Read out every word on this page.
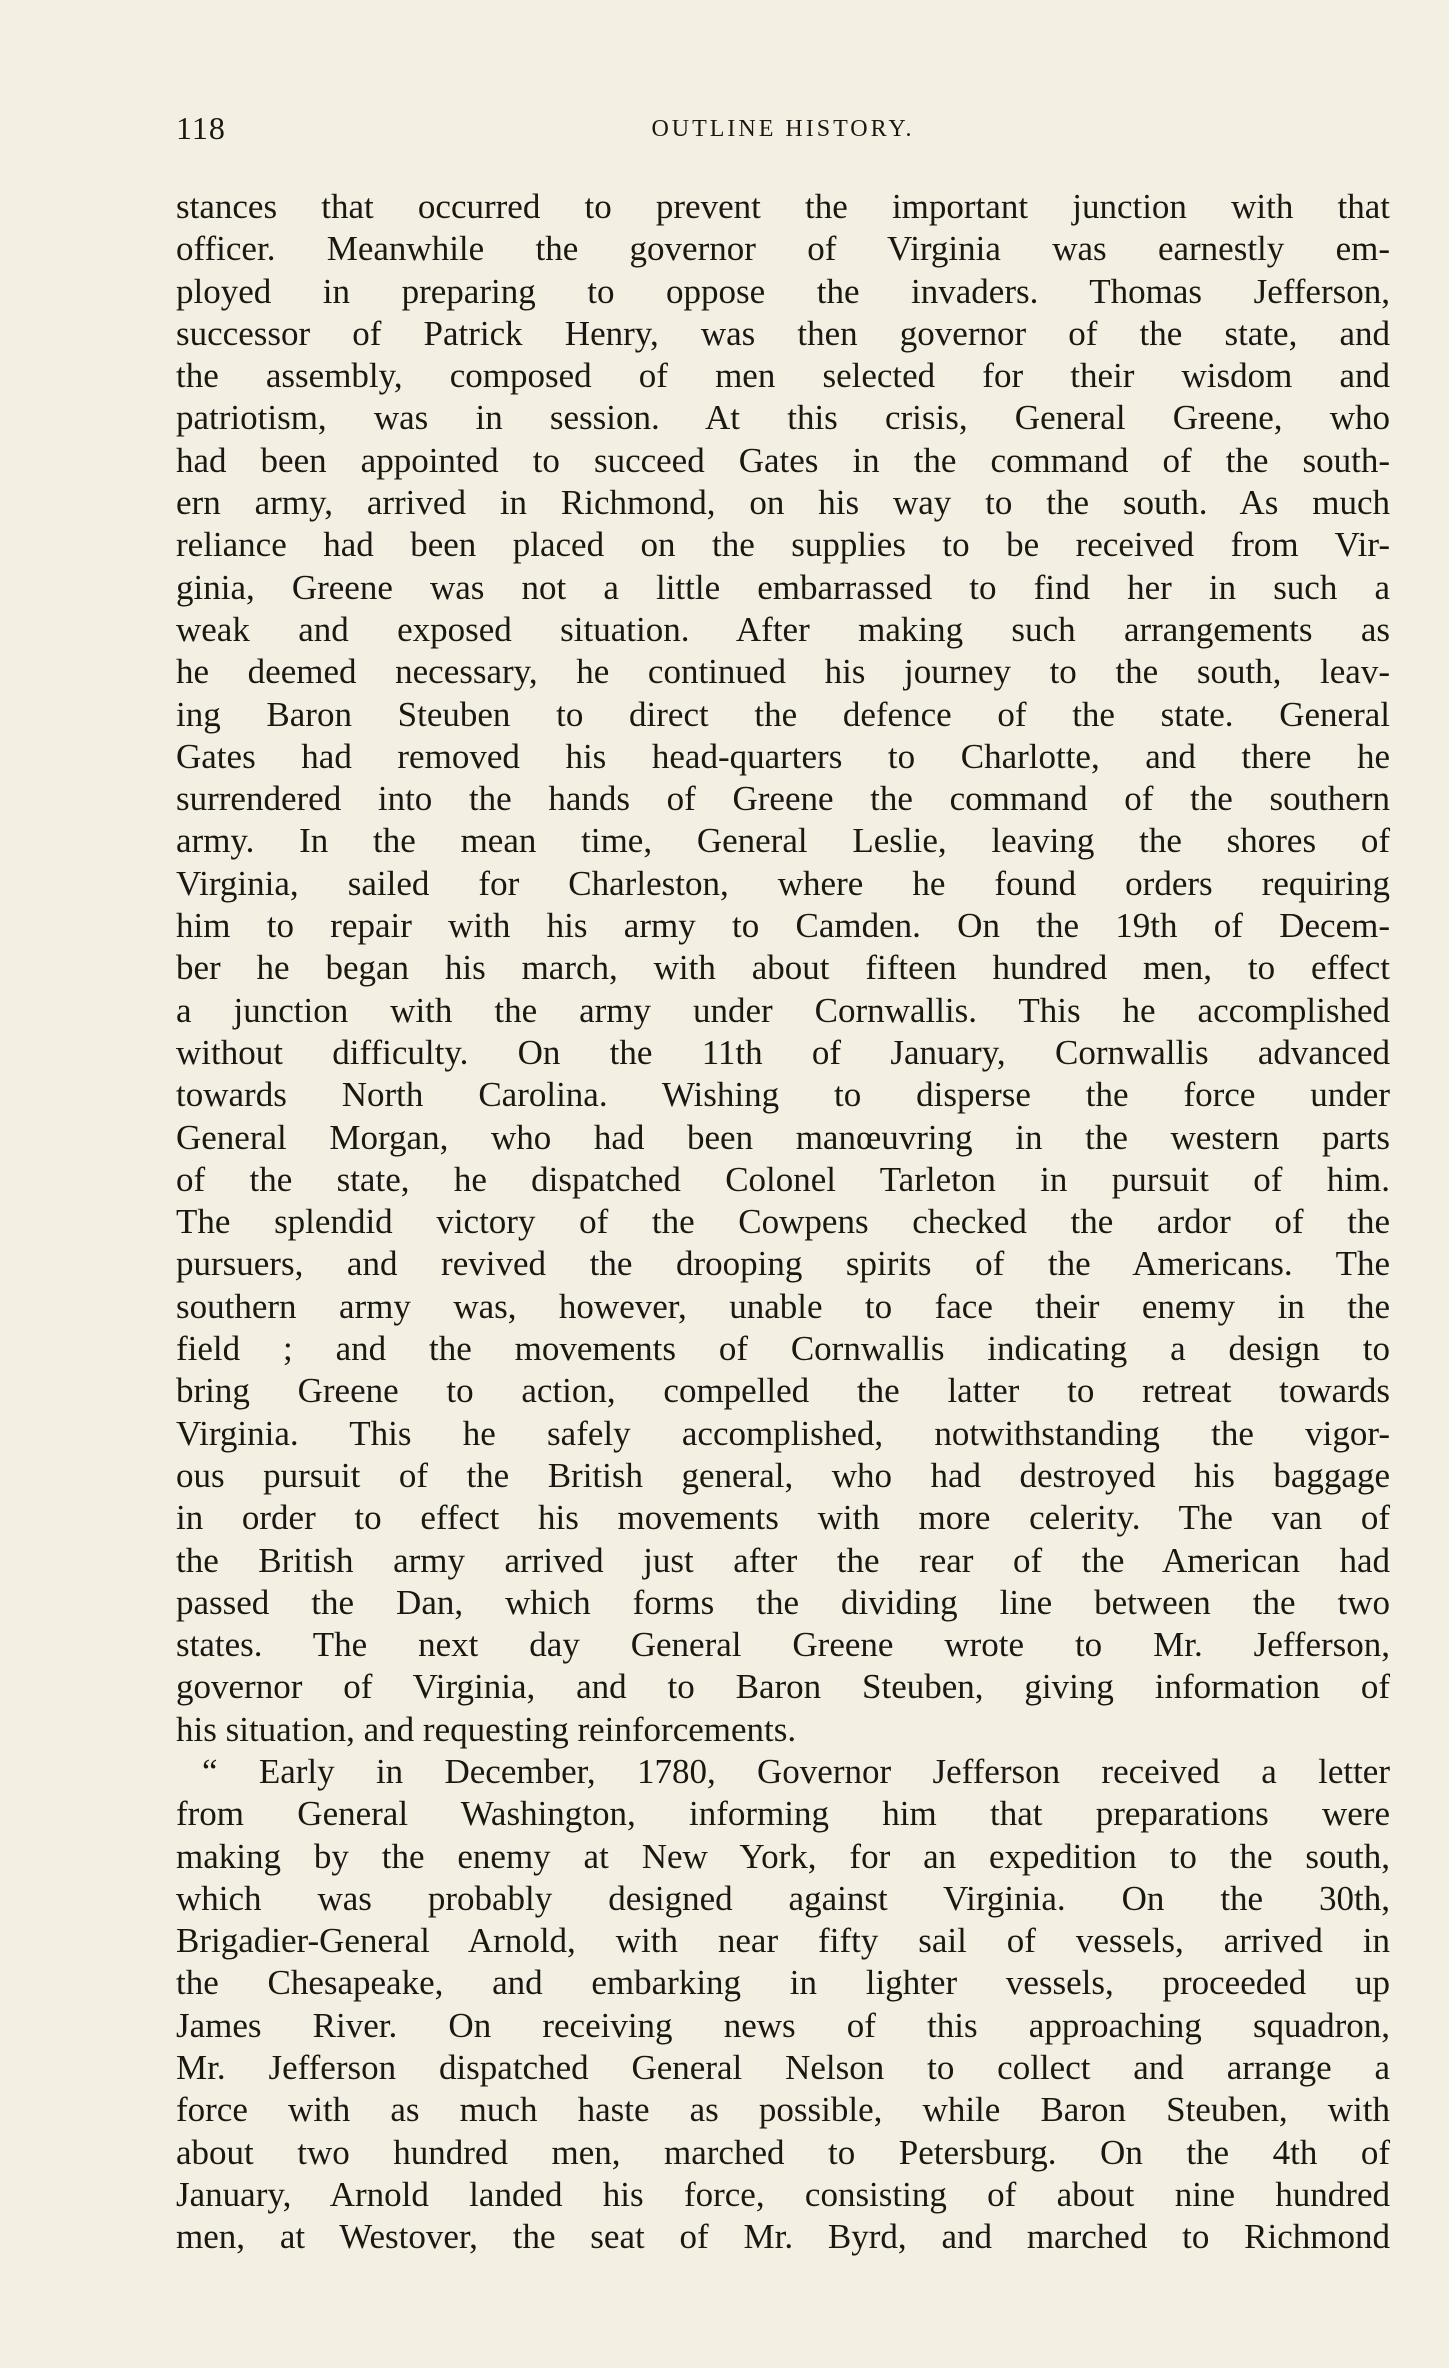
118	OUTLINE HISTORY.
stances that occurred to prevent the important junction with that
officer. Meanwhile the governor of Virginia was earnestly em-
ployed in preparing to oppose the invaders. Thomas Jefferson,
successor of Patrick Henry, was then governor of the state, and
the assembly, composed of men selected for their wisdom and
patriotism, was in session. At this crisis, General Greene, who
had been appointed to succeed Gates in the command of the south-
ern army, arrived in Richmond, on his way to the south. As much
reliance had been placed on the supplies to be received from Vir-
ginia, Greene was not a little embarrassed to find her in such a
weak and exposed situation. After making such arrangements as
he deemed necessary, he continued his journey to the south, leav-
ing Baron Steuben to direct the defence of the state. General
Gates had removed his head-quarters to Charlotte, and there he
surrendered into the hands of Greene the command of the southern
army. In the mean time, General Leslie, leaving the shores of
Virginia, sailed for Charleston, where he found orders requiring
him to repair with his army to Camden. On the 19th of Decem-
ber he began his march, with about fifteen hundred men, to effect
a junction with the army under Cornwallis. This he accomplished
without difficulty. On the 11th of January, Cornwallis advanced
towards North Carolina. Wishing to disperse the force under
General Morgan, who had been manœuvring in the western parts
of the state, he dispatched Colonel Tarleton in pursuit of him.
The splendid victory of the Cowpens checked the ardor of the
pursuers, and revived the drooping spirits of the Americans. The
southern army was, however, unable to face their enemy in the
field ; and the movements of Cornwallis indicating a design to
bring Greene to action, compelled the latter to retreat towards
Virginia. This he safely accomplished, notwithstanding the vigor-
ous pursuit of the British general, who had destroyed his baggage
in order to effect his movements with more celerity. The van of
the British army arrived just after the rear of the American had
passed the Dan, which forms the dividing line between the two
states. The next day General Greene wrote to Mr. Jefferson,
governor of Virginia, and to Baron Steuben, giving information of
his situation, and requesting reinforcements.
“ Early in December, 1780, Governor Jefferson received a letter
from General Washington, informing him that preparations were
making by the enemy at New York, for an expedition to the south,
which was probably designed against Virginia. On the 30th,
Brigadier-General Arnold, with near fifty sail of vessels, arrived in
the Chesapeake, and embarking in lighter vessels, proceeded up
James River. On receiving news of this approaching squadron,
Mr. Jefferson dispatched General Nelson to collect and arrange a
force with as much haste as possible, while Baron Steuben, with
about two hundred men, marched to Petersburg. On the 4th of
January, Arnold landed his force, consisting of about nine hundred
men, at Westover, the seat of Mr. Byrd, and marched to Richmond
